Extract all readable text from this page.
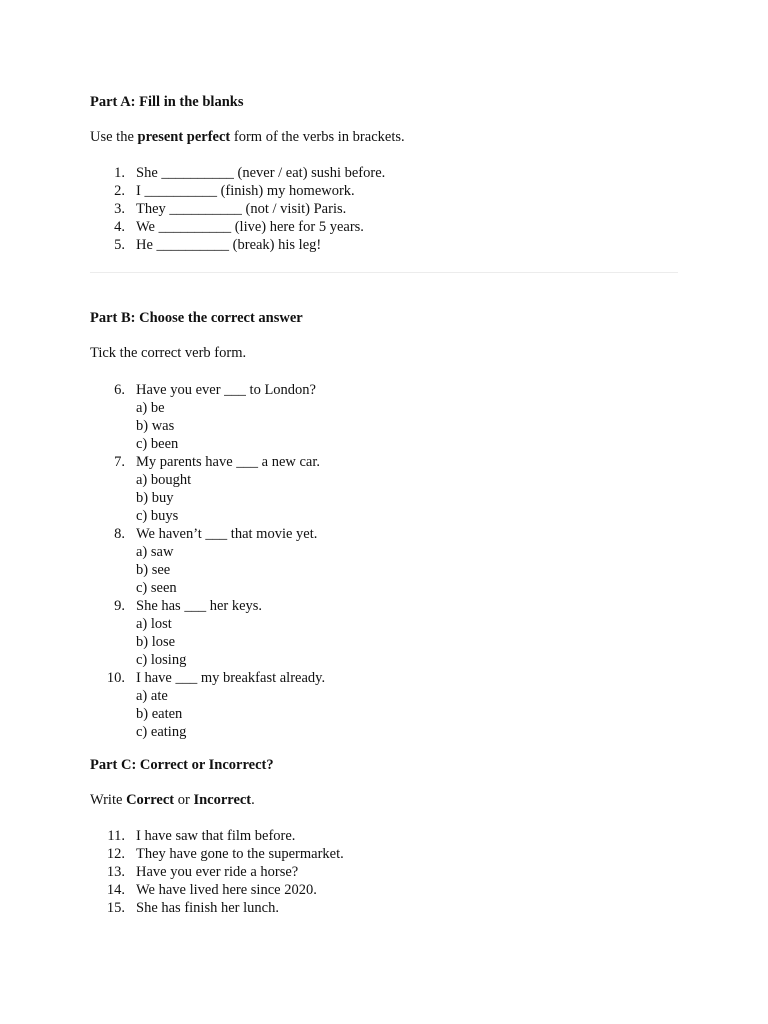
Part A: Fill in the blanks

Use the present perfect form of the verbs in brackets.

1. She __________ (never / eat) sushi before.
2. I __________ (finish) my homework.
3. They __________ (not / visit) Paris.
4. We __________ (live) here for 5 years.
5. He __________ (break) his leg!

Part B: Choose the correct answer

Tick the correct verb form.

6. Have you ever ___ to London?
a) be
b) was
c) been
7. My parents have ___ a new car.
a) bought
b) buy
c) buys
8. We haven’t ___ that movie yet.
a) saw
b) see
c) seen
9. She has ___ her keys.
a) lost
b) lose
c) losing
10. I have ___ my breakfast already.
a) ate
b) eaten
c) eating

Part C: Correct or Incorrect?

Write Correct or Incorrect.

11. I have saw that film before.
12. They have gone to the supermarket.
13. Have you ever ride a horse?
14. We have lived here since 2020.
15. She has finish her lunch.
